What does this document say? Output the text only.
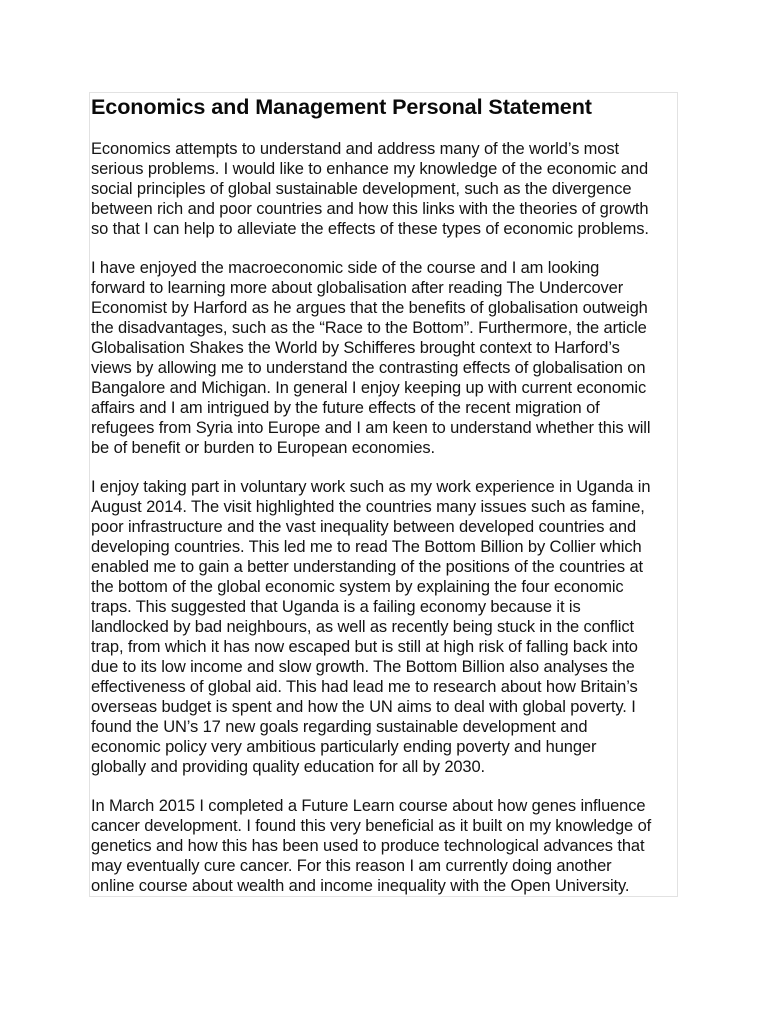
Economics and Management Personal Statement

Economics attempts to understand and address many of the world’s most
serious problems. I would like to enhance my knowledge of the economic and
social principles of global sustainable development, such as the divergence
between rich and poor countries and how this links with the theories of growth
so that I can help to alleviate the effects of these types of economic problems.

I have enjoyed the macroeconomic side of the course and I am looking
forward to learning more about globalisation after reading The Undercover
Economist by Harford as he argues that the benefits of globalisation outweigh
the disadvantages, such as the “Race to the Bottom”. Furthermore, the article
Globalisation Shakes the World by Schifferes brought context to Harford’s
views by allowing me to understand the contrasting effects of globalisation on
Bangalore and Michigan. In general I enjoy keeping up with current economic
affairs and I am intrigued by the future effects of the recent migration of
refugees from Syria into Europe and I am keen to understand whether this will
be of benefit or burden to European economies.

I enjoy taking part in voluntary work such as my work experience in Uganda in
August 2014. The visit highlighted the countries many issues such as famine,
poor infrastructure and the vast inequality between developed countries and
developing countries. This led me to read The Bottom Billion by Collier which
enabled me to gain a better understanding of the positions of the countries at
the bottom of the global economic system by explaining the four economic
traps. This suggested that Uganda is a failing economy because it is
landlocked by bad neighbours, as well as recently being stuck in the conflict
trap, from which it has now escaped but is still at high risk of falling back into
due to its low income and slow growth. The Bottom Billion also analyses the
effectiveness of global aid. This had lead me to research about how Britain’s
overseas budget is spent and how the UN aims to deal with global poverty. I
found the UN’s 17 new goals regarding sustainable development and
economic policy very ambitious particularly ending poverty and hunger
globally and providing quality education for all by 2030.

In March 2015 I completed a Future Learn course about how genes influence
cancer development. I found this very beneficial as it built on my knowledge of
genetics and how this has been used to produce technological advances that
may eventually cure cancer. For this reason I am currently doing another
online course about wealth and income inequality with the Open University.
